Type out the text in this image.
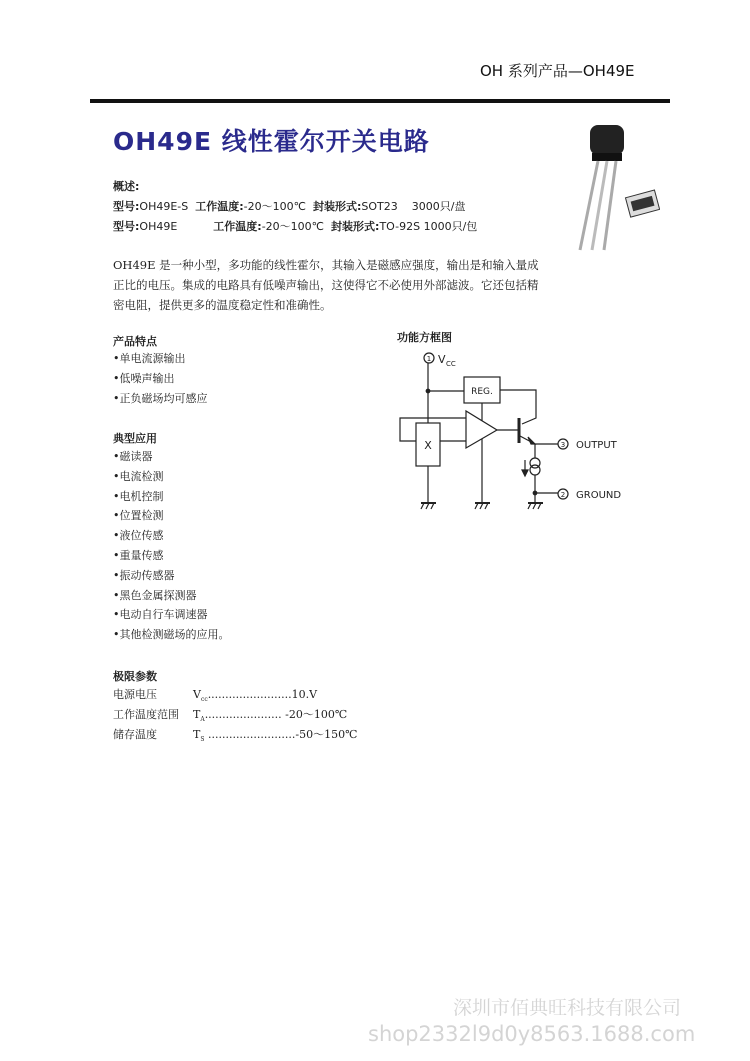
OH 系列产品—OH49E
OH49E 线性霍尔开关电路
概述:
型号:OH49E-S 工作温度:-20～100℃ 封装形式:SOT23 3000只/盘
型号:OH49E	工作温度:-20～100℃ 封装形式:TO-92S 1000只/包
OH49E 是一种小型，多功能的线性霍尔，其输入是磁感应强度，输出是和输入量成正比的电压。集成的电路具有低噪声输出，这使得它不必使用外部滤波。它还包括精密电阻，提供更多的温度稳定性和准确性。
产品特点
•单电流源输出
•低噪声输出
•正负磁场均可感应
典型应用
•磁读器
•电流检测
•电机控制
•位置检测
•液位传感
•重量传感
•振动传感器
•黑色金属探测器
•电动自行车调速器
•其他检测磁场的应用。
功能方框图
1 V CC
REG.
X	3 OUTPUT
2 GROUND
极限参数
电源电压	$V_{cc}........................10.V$
工作温度范围 $T_A$...................... -20～100℃
储存温度	$T_S$ .........................-50～150℃
深圳市佰典旺科技有限公司
shop2332l9d0y8563.1688.com
